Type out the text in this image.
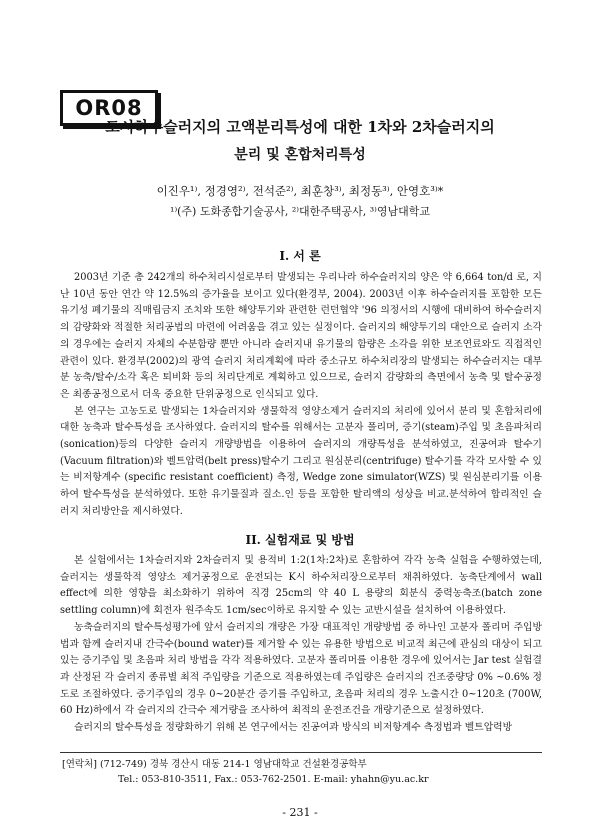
OR08
도시하수슬러지의 고액분리특성에 대한 1차와 2차슬러지의
분리 및 혼합처리특성
이진우¹⁾, 정경영²⁾, 전석준²⁾, 최훈창³⁾, 최정동³⁾, 안영호³⁾*
¹⁾(주) 도화종합기술공사, ²⁾대한주택공사, ³⁾영남대학교
I. 서 론

2003년 기준 총 242개의 하수처리시설로부터 발생되는 우리나라 하수슬러지의 양은 약 6,664 ton/d 로, 지난 10년 동안 연간 약 12.5%의 증가율을 보이고 있다(환경부, 2004). 2003년 이후 하수슬러지를 포함한 모든 유기성 폐기물의 직매립금지 조치와 또한 해양투기와 관련한 런던협약 '96 의정서의 시행에 대비하여 하수슬러지의 감량화와 적절한 처리공법의 마련에 어려움을 겪고 있는 실정이다. 슬러지의 해양투기의 대안으로 슬러지 소각의 경우에는 슬러지 자체의 수분함량 뿐만 아니라 슬러지내 유기물의 함량은 소각을 위한 보조연료와도 직접적인 관련이 있다. 환경부(2002)의 광역 슬러지 처리계획에 따라 중소규모 하수처리장의 발생되는 하수슬러지는 대부분 농축/탈수/소각 혹은 퇴비화 등의 처리단계로 계획하고 있으므로, 슬러지 감량화의 측면에서 농축 및 탈수공정은 최종공정으로서 더욱 중요한 단위공정으로 인식되고 있다.

본 연구는 고농도로 발생되는 1차슬러지와 생물학적 영양소제거 슬러지의 처리에 있어서 분리 및 혼합처리에 대한 농축과 탈수특성을 조사하였다. 슬러지의 탈수를 위해서는 고분자 폴리머, 증기(steam)주입 및 초음파처리(sonication)등의 다양한 슬러지 개량방법을 이용하여 슬러지의 개량특성을 분석하였고, 진공여과 탈수기(Vacuum filtration)와 벨트압력(belt press)탈수기 그리고 원심분리(centrifuge) 탈수기를 각각 모사할 수 있는 비저항계수 (specific resistant coefficient) 측정, Wedge zone simulator(WZS) 및 원심분리기를 이용하여 탈수특성을 분석하였다. 또한 유기물질과 질소.인 등을 포함한 탈리액의 성상을 비교.분석하여 합리적인 슬러지 처리방안을 제시하였다.

II. 실험재료 및 방법

본 실험에서는 1차슬러지와 2차슬러지 및 용적비 1:2(1차:2차)로 혼합하여 각각 농축 실험을 수행하였는데, 슬러지는 생물학적 영양소 제거공정으로 운전되는 K시 하수처리장으로부터 채취하였다. 농축단계에서 wall effect에 의한 영향을 최소화하기 위하여 직경 25cm의 약 40 L 용량의 회분식 중력농축조(batch zone settling column)에 회전자 원주속도 1cm/sec이하로 유지할 수 있는 교반시설을 설치하여 이용하였다.

농축슬러지의 탈수특성평가에 앞서 슬러지의 개량은 가장 대표적인 개량방법 중 하나인 고분자 폴리머 주입방법과 함께 슬러지내 간극수(bound water)를 제거할 수 있는 유용한 방법으로 비교적 최근에 관심의 대상이 되고 있는 증기주입 및 초음파 처리 방법을 각각 적용하였다. 고분자 폴리머를 이용한 경우에 있어서는 Jar test 실험결과 산정된 각 슬러지 종류별 최적 주입량을 기준으로 적용하였는데 주입량은 슬러지의 건조중량당 0% ~0.6% 정도로 조절하였다. 증기주입의 경우 0~20분간 증기를 주입하고, 초음파 처리의 경우 노출시간 0~120초 (700W, 60 Hz)하에서 각 슬러지의 간극수 제거량을 조사하여 최적의 운전조건을 개량기준으로 설정하였다.

슬러지의 탈수특성을 정량화하기 위해 본 연구에서는 진공여과 방식의 비저항계수 측정법과 벨트압력방

[연락처] (712-749) 경북 경산시 대동 214-1 영남대학교 건설환경공학부
Tel.: 053-810-3511, Fax.: 053-762-2501. E-mail: yhahn@yu.ac.kr
- 231 -
